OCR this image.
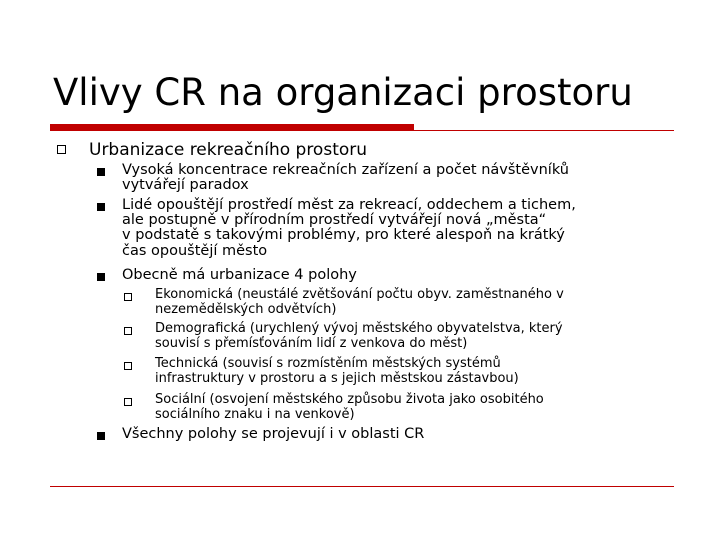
Vlivy CR na organizaci prostoru
Urbanizace rekreačního prostoru
Vysoká koncentrace rekreačních zařízení a počet návštěvníků
vytvářejí paradox
Lidé opouštějí prostředí měst za rekreací, oddechem a tichem,
ale postupně v přírodním prostředí vytvářejí nová „města“
v podstatě s takovými problémy, pro které alespoň na krátký
čas opouštějí město
Obecně má urbanizace 4 polohy
Ekonomická (neustálé zvětšování počtu obyv. zaměstnaného v
nezemědělských odvětvích)
Demografická (urychlený vývoj městského obyvatelstva, který
souvisí s přemísťováním lidí z venkova do měst)
Technická (souvisí s rozmístěním městských systémů
infrastruktury v prostoru a s jejich městskou zástavbou)
Sociální (osvojení městského způsobu života jako osobitého
sociálního znaku i na venkově)
Všechny polohy se projevují i v oblasti CR
